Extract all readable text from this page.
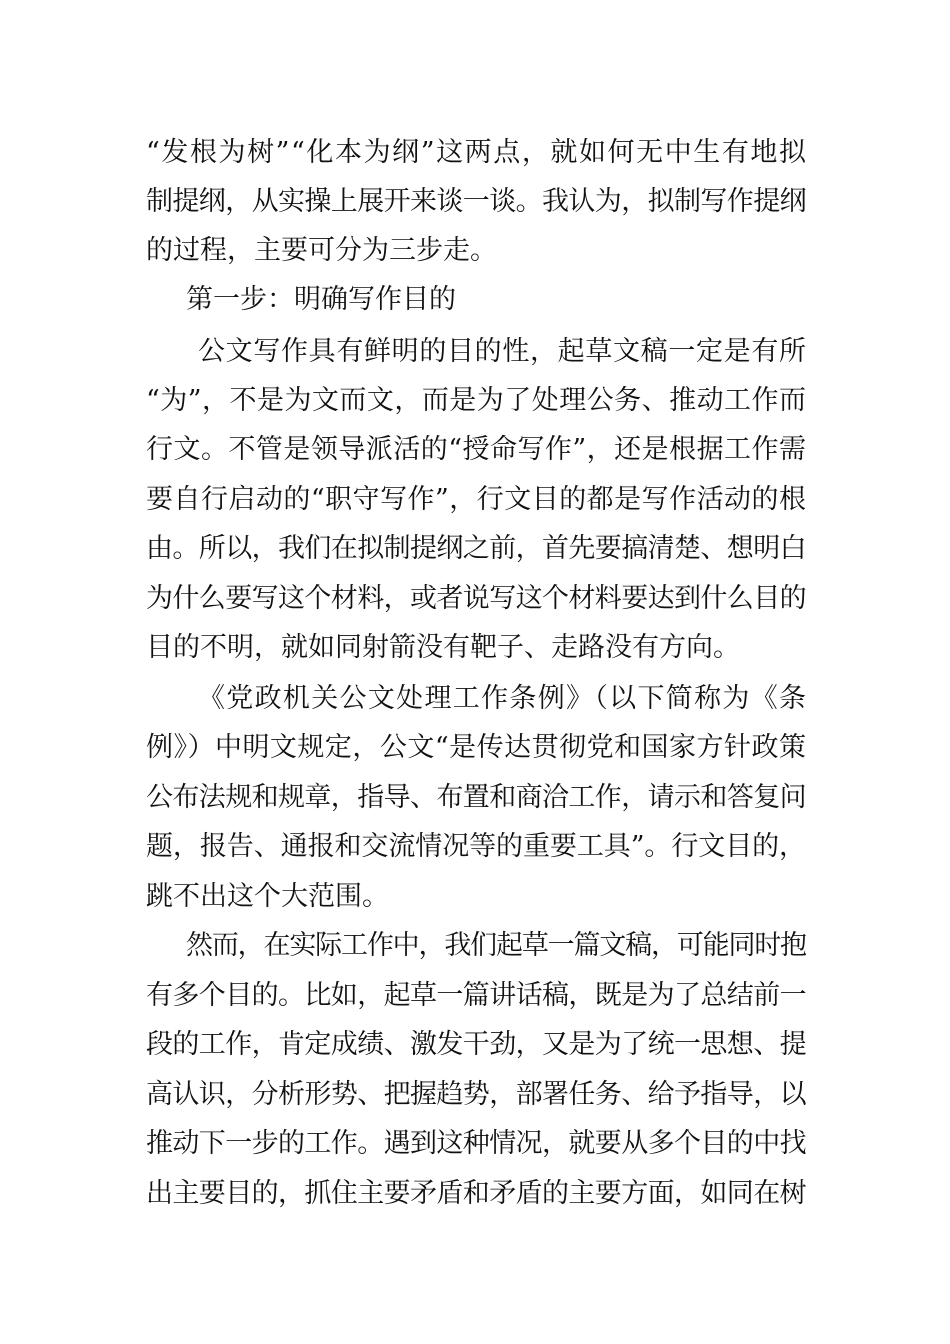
“发根为树”“化本为纲”这两点，就如何无中生有地拟
制提纲，从实操上展开来谈一谈。我认为，拟制写作提纲
的过程，主要可分为三步走。
第一步：明确写作目的
公文写作具有鲜明的目的性，起草文稿一定是有所
“为”，不是为文而文，而是为了处理公务、推动工作而
行文。不管是领导派活的“授命写作”，还是根据工作需
要自行启动的“职守写作”，行文目的都是写作活动的根
由。所以，我们在拟制提纲之前，首先要搞清楚、想明白
为什么要写这个材料，或者说写这个材料要达到什么目的
目的不明，就如同射箭没有靶子、走路没有方向。
《党政机关公文处理工作条例》（以下简称为《条
例》）中明文规定，公文“是传达贯彻党和国家方针政策
公布法规和规章，指导、布置和商洽工作，请示和答复问
题，报告、通报和交流情况等的重要工具”。行文目的，
跳不出这个大范围。
然而，在实际工作中，我们起草一篇文稿，可能同时抱
有多个目的。比如，起草一篇讲话稿，既是为了总结前一
段的工作，肯定成绩、激发干劲，又是为了统一思想、提
高认识，分析形势、把握趋势，部署任务、给予指导，以
推动下一步的工作。遇到这种情况，就要从多个目的中找
出主要目的，抓住主要矛盾和矛盾的主要方面，如同在树
